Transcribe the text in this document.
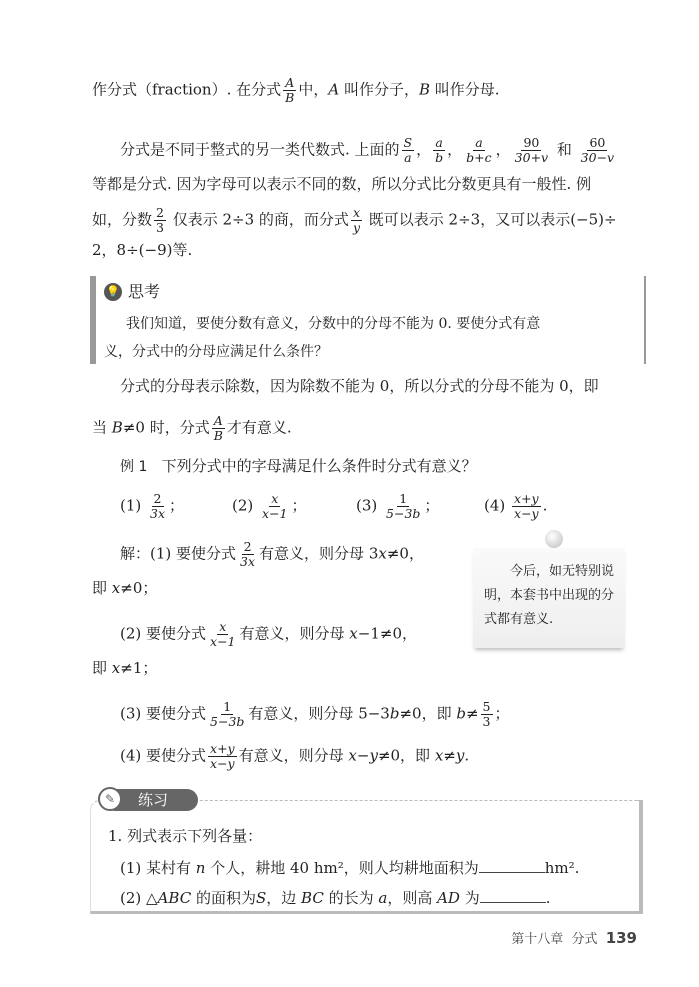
作分式（fraction）. 在分式 $\frac{A}{B}$ 中，A 叫作分子，B 叫作分母.
分式是不同于整式的另一类代数式. 上面的 $\frac{S}{a}$ ， $\frac{a}{b}$ ， $\frac{a}{b+c}$ ， $\frac{90}{30+v}$ 和 $\frac{60}{30-v}$
等都是分式. 因为字母可以表示不同的数，所以分式比分数更具有一般性. 例
如，分数 $\frac{2}{3}$ 仅表示 2÷3 的商，而分式 $\frac{x}{y}$ 既可以表示 2÷3，又可以表示(−5)÷
2，8÷(−9)等.
💡 思考
我们知道，要使分数有意义，分数中的分母不能为 0. 要使分式有意
义，分式中的分母应满足什么条件？
分式的分母表示除数，因为除数不能为 0，所以分式的分母不能为 0，即
当 B≠0 时，分式 $\frac{A}{B}$ 才有意义.
例 1 下列分式中的字母满足什么条件时分式有意义？
$(1) \frac{2}{3x}$ ；	$(2) \frac{x}{x-1}$ ；	$(3) \frac{1}{5-3b}$ ；	$(4) \frac{x+y}{x-y}$ .
解：(1) 要使分式 $\frac{2}{3x}$ 有意义，则分母 3x≠0，
即 x≠0；
(2) 要使分式 $\frac{x}{x-1}$ 有意义，则分母 x−1≠0，
即 x≠1；
(3) 要使分式 $\frac{1}{5-3b}$ 有意义，则分母 5−3b≠0，即 $b\ne \frac{5}{3}$ ；
(4) 要使分式 $\frac{x+y}{x-y}$ 有意义，则分母 x−y≠0，即 x≠y.
今后，如无特别说
明，本套书中出现的分
式都有意义.
✎	练习
1. 列式表示下列各量：
(1) 某村有 n 个人，耕地 40 hm²，则人均耕地面积为	hm².
(2) △ABC 的面积为S，边 BC 的长为 a，则高 AD 为	.
第十八章 分式 139
